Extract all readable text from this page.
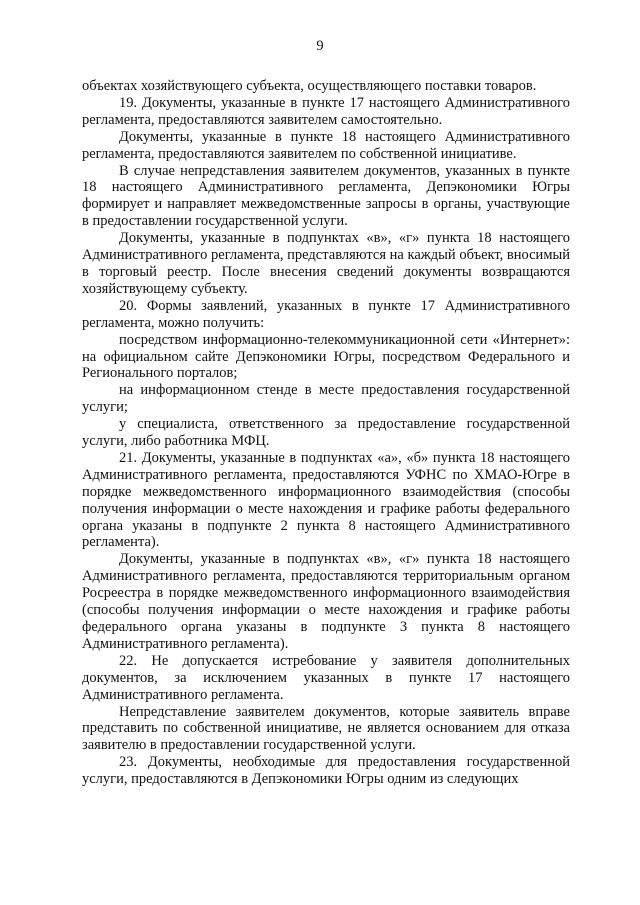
9

объектах хозяйствующего субъекта, осуществляющего поставки товаров.

19. Документы, указанные в пункте 17 настоящего Административного регламента, предоставляются заявителем самостоятельно.

Документы, указанные в пункте 18 настоящего Административного регламента, предоставляются заявителем по собственной инициативе.

В случае непредставления заявителем документов, указанных в пункте 18 настоящего Административного регламента, Депэкономики Югры формирует и направляет межведомственные запросы в органы, участвующие в предоставлении государственной услуги.

Документы, указанные в подпунктах «в», «г» пункта 18 настоящего Административного регламента, представляются на каждый объект, вносимый в торговый реестр. После внесения сведений документы возвращаются хозяйствующему субъекту.

20. Формы заявлений, указанных в пункте 17 Административного регламента, можно получить:

посредством информационно-телекоммуникационной сети «Интернет»: на официальном сайте Депэкономики Югры, посредством Федерального и Регионального порталов;

на информационном стенде в месте предоставления государственной услуги;

у специалиста, ответственного за предоставление государственной услуги, либо работника МФЦ.

21. Документы, указанные в подпунктах «а», «б» пункта 18 настоящего Административного регламента, предоставляются УФНС по ХМАО-Югре в порядке межведомственного информационного взаимодействия (способы получения информации о месте нахождения и графике работы федерального органа указаны в подпункте 2 пункта 8 настоящего Административного регламента).

Документы, указанные в подпунктах «в», «г» пункта 18 настоящего Административного регламента, предоставляются территориальным органом Росреестра в порядке межведомственного информационного взаимодействия (способы получения информации о месте нахождения и графике работы федерального органа указаны в подпункте 3 пункта 8 настоящего Административного регламента).

22. Не допускается истребование у заявителя дополнительных документов, за исключением указанных в пункте 17 настоящего Административного регламента.

Непредставление заявителем документов, которые заявитель вправе представить по собственной инициативе, не является основанием для отказа заявителю в предоставлении государственной услуги.

23. Документы, необходимые для предоставления государственной услуги, предоставляются в Депэкономики Югры одним из следующих
